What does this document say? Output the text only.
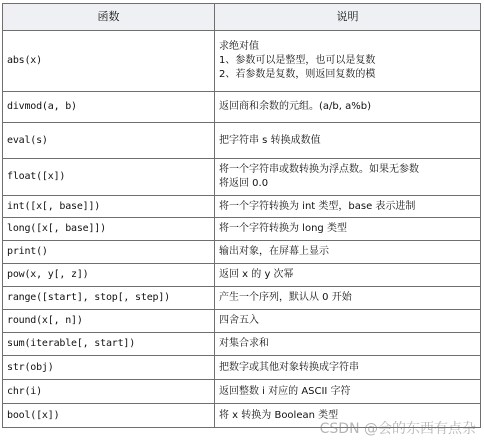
函数	说明
abs(x)	求绝对值
1、参数可以是整型，也可以是复数
2、若参数是复数，则返回复数的模

divmod(a, b)	返回商和余数的元组。(a/b, a%b)

eval(s)	把字符串 s 转换成数值

float([x])	将一个字符串或数转换为浮点数。如果无参数
将返回 0.0

int([x[, base]])	将一个字符转换为 int 类型，base 表示进制

long([x[, base]])	将一个字符转换为 long 类型

print()	输出对象，在屏幕上显示

pow(x, y[, z])	返回 x 的 y 次幂

range([start], stop[, step])	产生一个序列，默认从 0 开始

round(x[, n])	四舍五入

sum(iterable[, start])	对集合求和

str(obj)	把数字或其他对象转换成字符串

chr(i)	返回整数 i 对应的 ASCII 字符

bool([x])	将 x 转换为 Boolean 类型
CSDN @会的东西有点杂
